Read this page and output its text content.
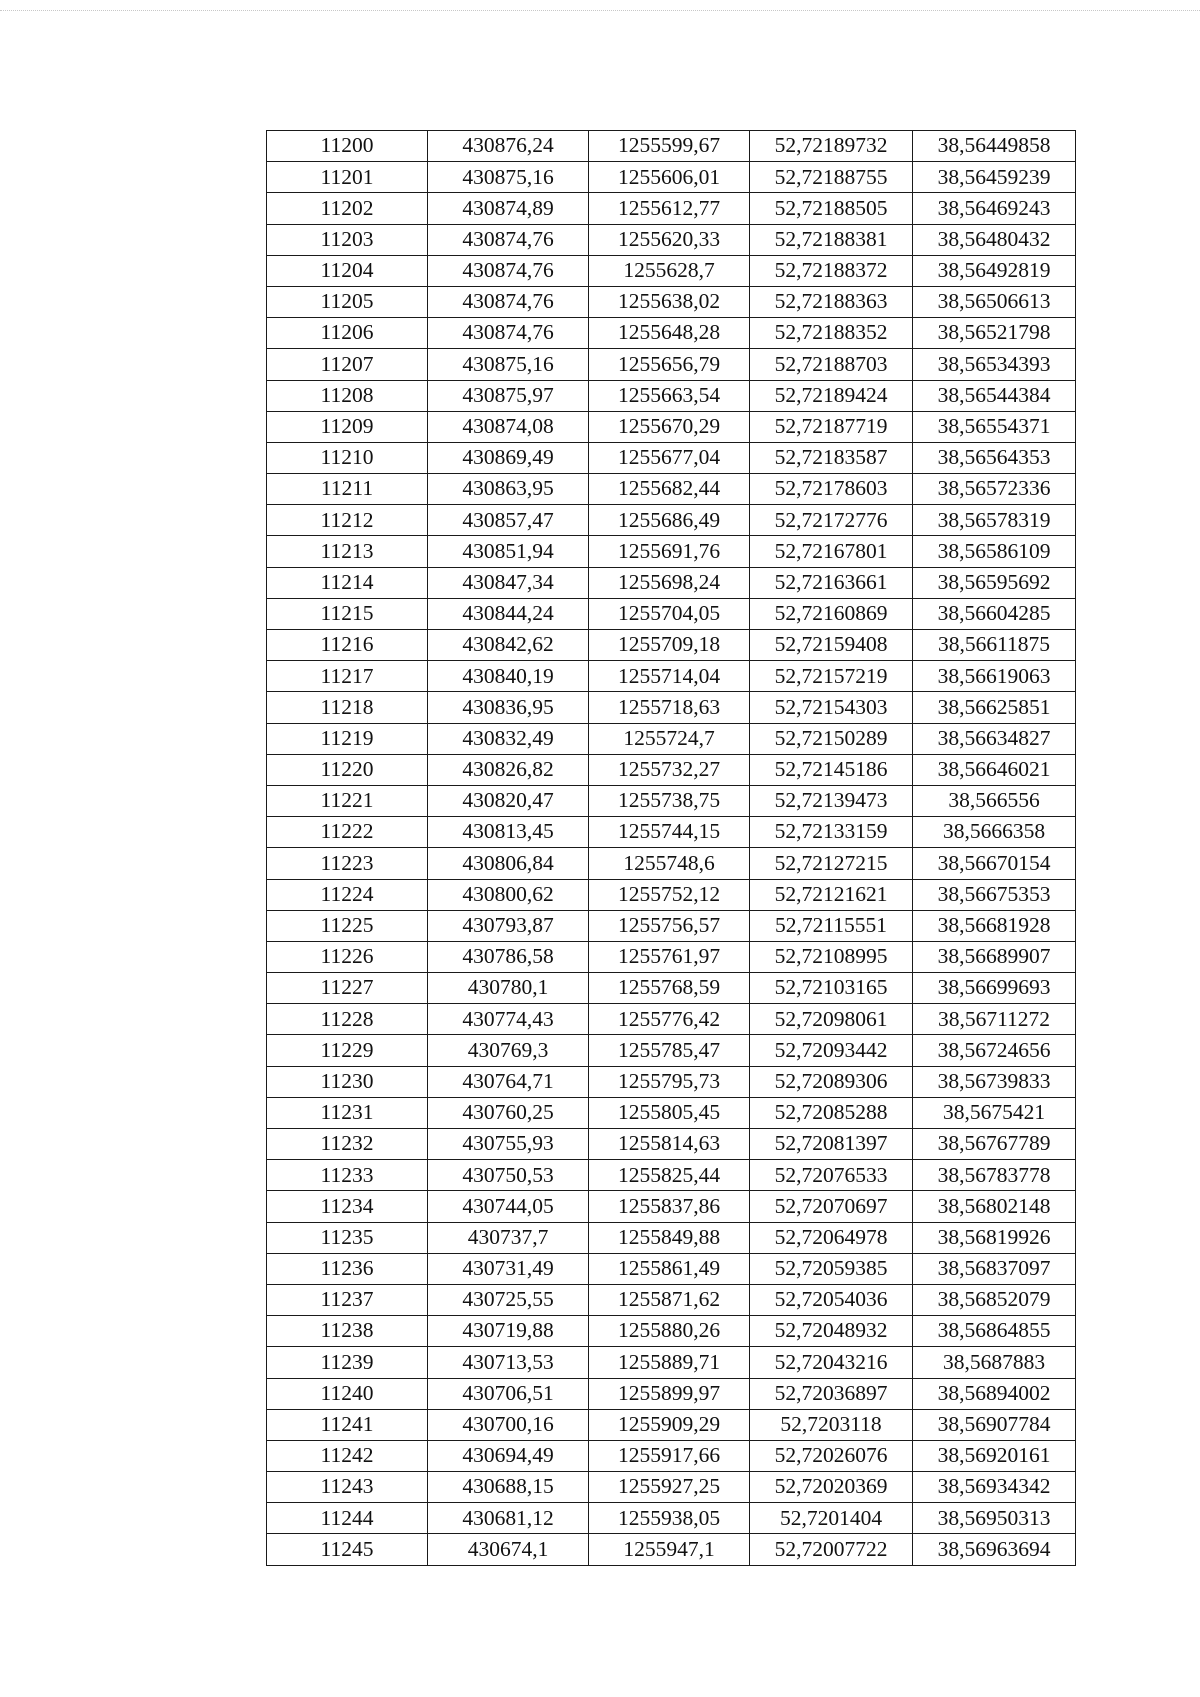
11200	430876,24	1255599,67	52,72189732	38,56449858
11201	430875,16	1255606,01	52,72188755	38,56459239
11202	430874,89	1255612,77	52,72188505	38,56469243
11203	430874,76	1255620,33	52,72188381	38,56480432
11204	430874,76	1255628,7	52,72188372	38,56492819
11205	430874,76	1255638,02	52,72188363	38,56506613
11206	430874,76	1255648,28	52,72188352	38,56521798
11207	430875,16	1255656,79	52,72188703	38,56534393
11208	430875,97	1255663,54	52,72189424	38,56544384
11209	430874,08	1255670,29	52,72187719	38,56554371
11210	430869,49	1255677,04	52,72183587	38,56564353
11211	430863,95	1255682,44	52,72178603	38,56572336
11212	430857,47	1255686,49	52,72172776	38,56578319
11213	430851,94	1255691,76	52,72167801	38,56586109
11214	430847,34	1255698,24	52,72163661	38,56595692
11215	430844,24	1255704,05	52,72160869	38,56604285
11216	430842,62	1255709,18	52,72159408	38,56611875
11217	430840,19	1255714,04	52,72157219	38,56619063
11218	430836,95	1255718,63	52,72154303	38,56625851
11219	430832,49	1255724,7	52,72150289	38,56634827
11220	430826,82	1255732,27	52,72145186	38,56646021
11221	430820,47	1255738,75	52,72139473	38,566556
11222	430813,45	1255744,15	52,72133159	38,5666358
11223	430806,84	1255748,6	52,72127215	38,56670154
11224	430800,62	1255752,12	52,72121621	38,56675353
11225	430793,87	1255756,57	52,72115551	38,56681928
11226	430786,58	1255761,97	52,72108995	38,56689907
11227	430780,1	1255768,59	52,72103165	38,56699693
11228	430774,43	1255776,42	52,72098061	38,56711272
11229	430769,3	1255785,47	52,72093442	38,56724656
11230	430764,71	1255795,73	52,72089306	38,56739833
11231	430760,25	1255805,45	52,72085288	38,5675421
11232	430755,93	1255814,63	52,72081397	38,56767789
11233	430750,53	1255825,44	52,72076533	38,56783778
11234	430744,05	1255837,86	52,72070697	38,56802148
11235	430737,7	1255849,88	52,72064978	38,56819926
11236	430731,49	1255861,49	52,72059385	38,56837097
11237	430725,55	1255871,62	52,72054036	38,56852079
11238	430719,88	1255880,26	52,72048932	38,56864855
11239	430713,53	1255889,71	52,72043216	38,5687883
11240	430706,51	1255899,97	52,72036897	38,56894002
11241	430700,16	1255909,29	52,7203118	38,56907784
11242	430694,49	1255917,66	52,72026076	38,56920161
11243	430688,15	1255927,25	52,72020369	38,56934342
11244	430681,12	1255938,05	52,7201404	38,56950313
11245	430674,1	1255947,1	52,72007722	38,56963694
